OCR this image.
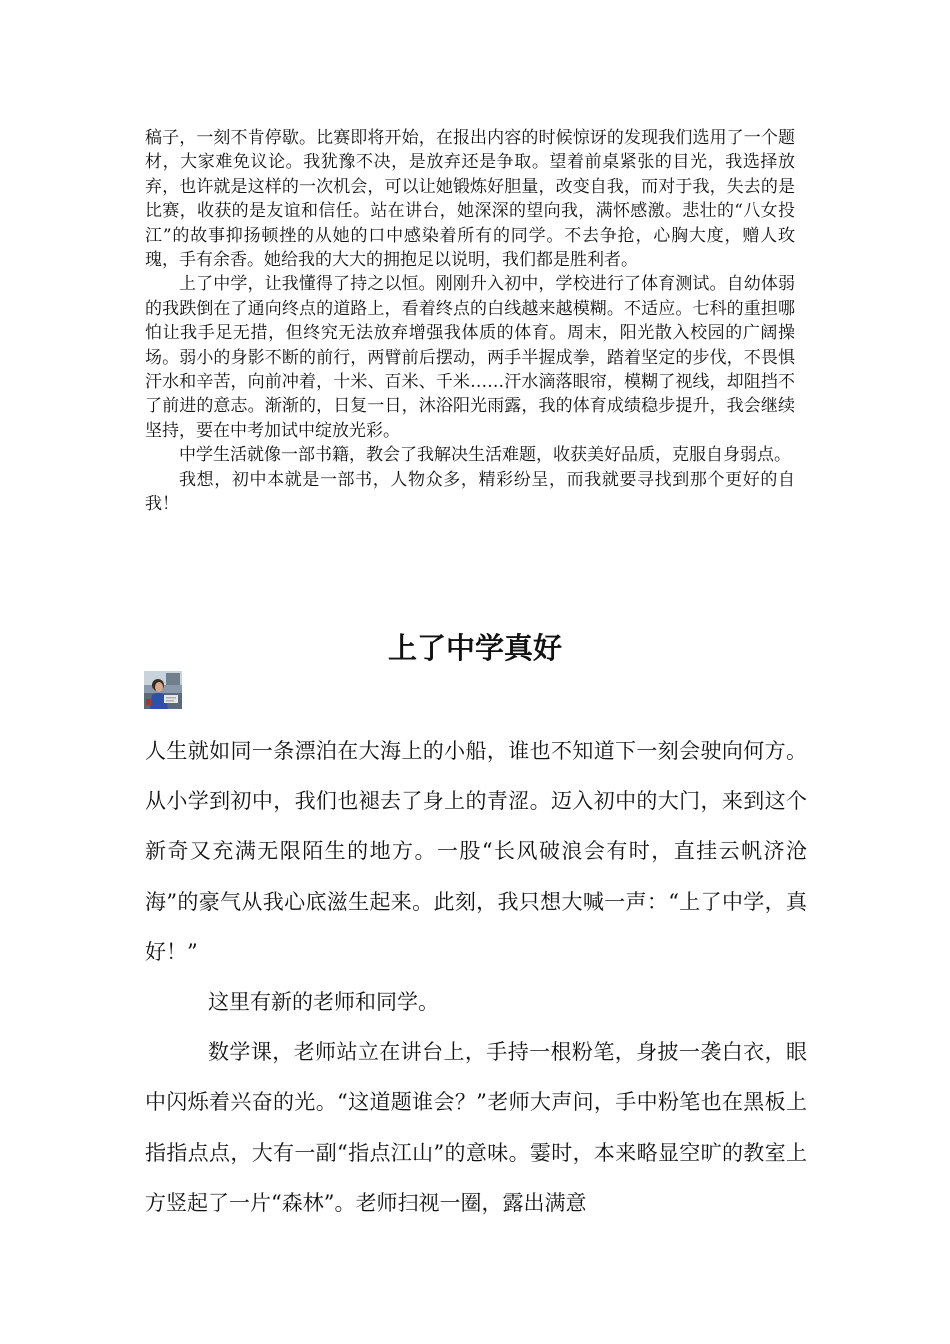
稿子，一刻不肯停歇。比赛即将开始，在报出内容的时候惊讶的发现我们选用了一个题材，大家难免议论。我犹豫不决，是放弃还是争取。望着前桌紧张的目光，我选择放弃，也许就是这样的一次机会，可以让她锻炼好胆量，改变自我，而对于我，失去的是比赛，收获的是友谊和信任。站在讲台，她深深的望向我，满怀感激。悲壮的“八女投江”的故事抑扬顿挫的从她的口中感染着所有的同学。不去争抢，心胸大度，赠人玫瑰，手有余香。她给我的大大的拥抱足以说明，我们都是胜利者。

上了中学，让我懂得了持之以恒。刚刚升入初中，学校进行了体育测试。自幼体弱的我跌倒在了通向终点的道路上，看着终点的白线越来越模糊。不适应。七科的重担哪怕让我手足无措，但终究无法放弃增强我体质的体育。周末，阳光散入校园的广阔操场。弱小的身影不断的前行，两臂前后摆动，两手半握成拳，踏着坚定的步伐，不畏惧汗水和辛苦，向前冲着，十米、百米、千米……汗水滴落眼帘，模糊了视线，却阻挡不了前进的意志。渐渐的，日复一日，沐浴阳光雨露，我的体育成绩稳步提升，我会继续坚持，要在中考加试中绽放光彩。

中学生活就像一部书籍，教会了我解决生活难题，收获美好品质，克服自身弱点。

我想，初中本就是一部书，人物众多，精彩纷呈，而我就要寻找到那个更好的自我！

上了中学真好

人生就如同一条漂泊在大海上的小船，谁也不知道下一刻会驶向何方。从小学到初中，我们也褪去了身上的青涩。迈入初中的大门，来到这个新奇又充满无限陌生的地方。一股“长风破浪会有时，直挂云帆济沧海”的豪气从我心底滋生起来。此刻，我只想大喊一声：“上了中学，真好！”

这里有新的老师和同学。

数学课，老师站立在讲台上，手持一根粉笔，身披一袭白衣，眼中闪烁着兴奋的光。“这道题谁会？”老师大声问，手中粉笔也在黑板上指指点点，大有一副“指点江山”的意味。霎时，本来略显空旷的教室上方竖起了一片“森林”。老师扫视一圈，露出满意
